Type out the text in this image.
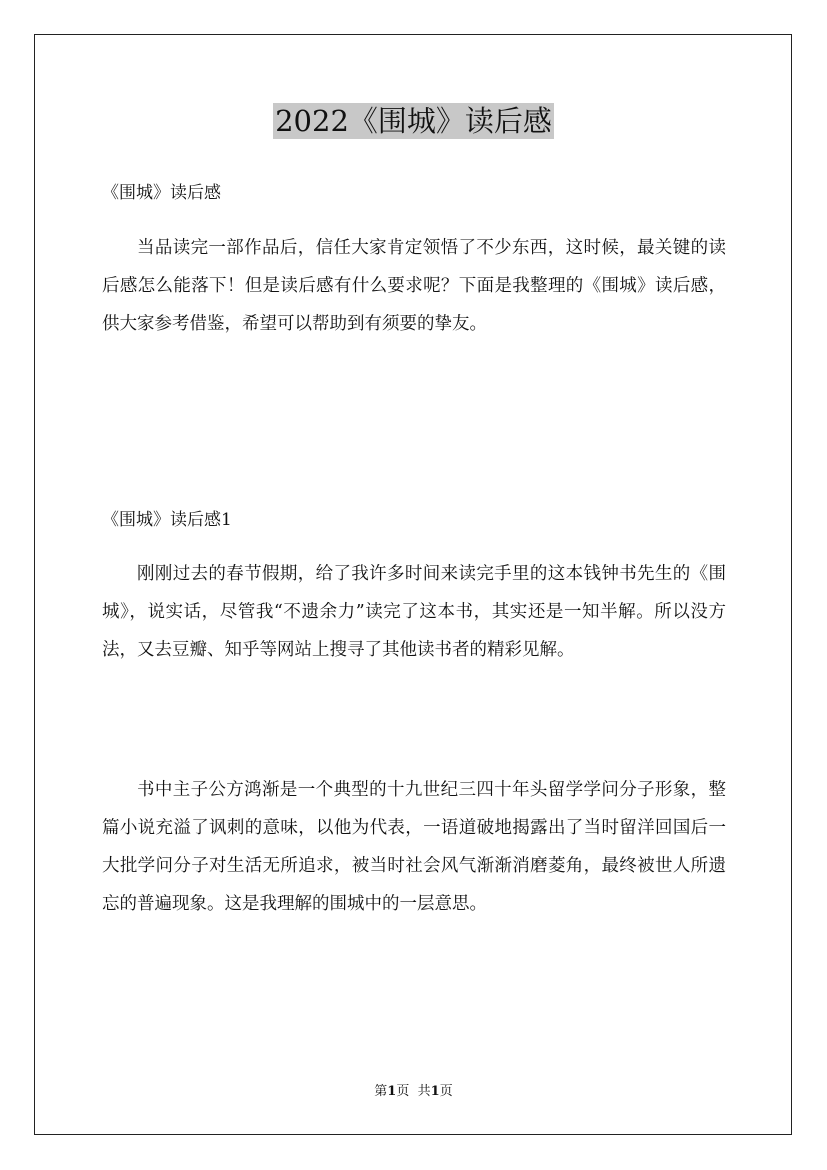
2022《围城》读后感
《围城》读后感

当品读完一部作品后，信任大家肯定领悟了不少东西，这时候，最关键的读后感怎么能落下！但是读后感有什么要求呢？下面是我整理的《围城》读后感，供大家参考借鉴，希望可以帮助到有须要的挚友。

《围城》读后感1

刚刚过去的春节假期，给了我许多时间来读完手里的这本钱钟书先生的《围城》，说实话，尽管我“不遗余力”读完了这本书，其实还是一知半解。所以没方法，又去豆瓣、知乎等网站上搜寻了其他读书者的精彩见解。

书中主子公方鸿渐是一个典型的十九世纪三四十年头留学学问分子形象，整篇小说充溢了讽刺的意味，以他为代表，一语道破地揭露出了当时留洋回国后一大批学问分子对生活无所追求，被当时社会风气渐渐消磨菱角，最终被世人所遗忘的普遍现象。这是我理解的围城中的一层意思。

第1页 共1页
